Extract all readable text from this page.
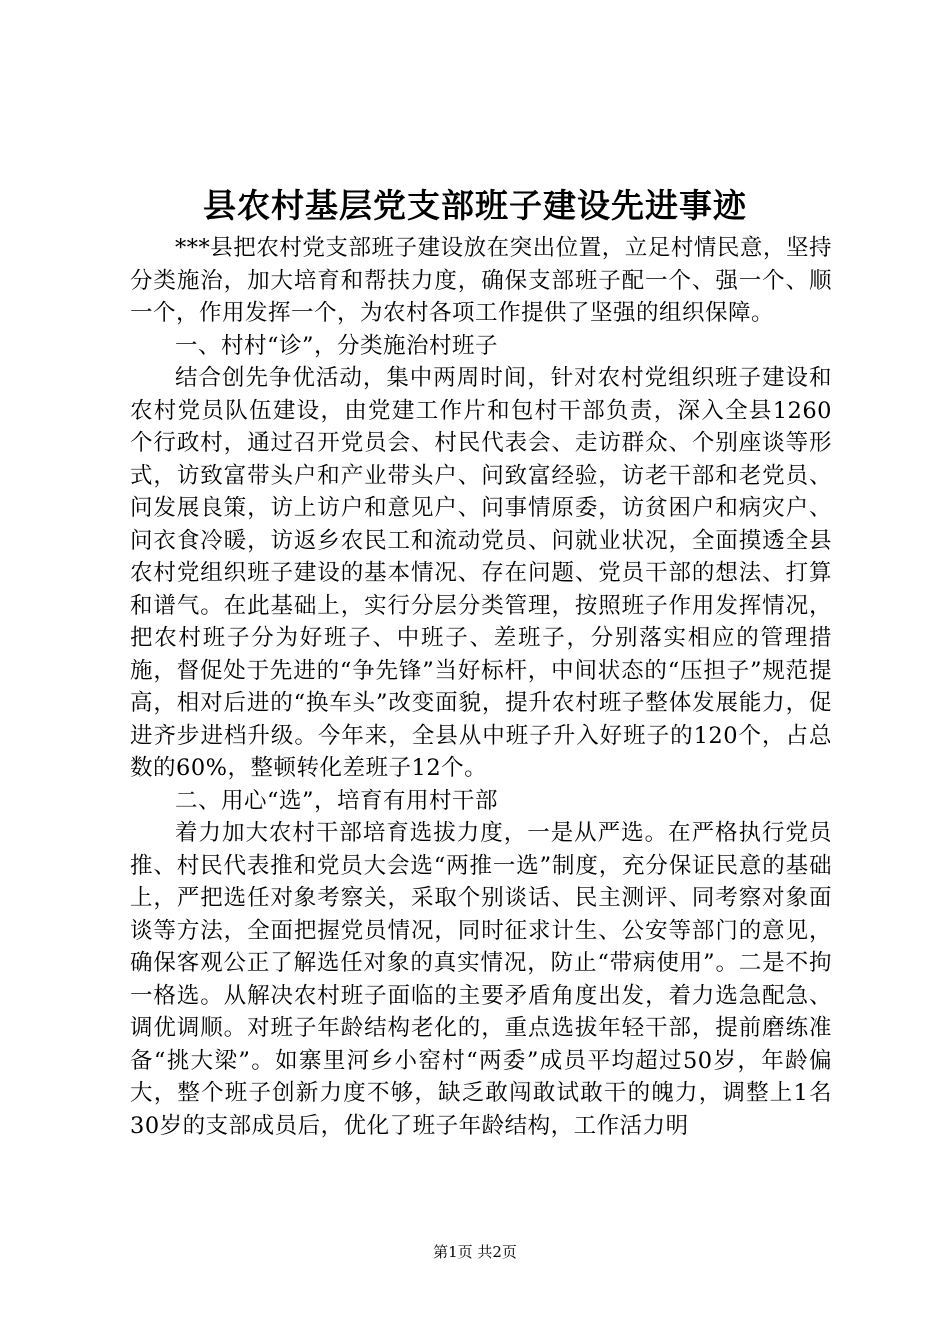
县农村基层党支部班子建设先进事迹

***县把农村党支部班子建设放在突出位置，立足村情民意，坚持分类施治，加大培育和帮扶力度，确保支部班子配一个、强一个、顺一个，作用发挥一个，为农村各项工作提供了坚强的组织保障。

一、村村“诊”，分类施治村班子

结合创先争优活动，集中两周时间，针对农村党组织班子建设和农村党员队伍建设，由党建工作片和包村干部负责，深入全县1260个行政村，通过召开党员会、村民代表会、走访群众、个别座谈等形式，访致富带头户和产业带头户、问致富经验，访老干部和老党员、问发展良策，访上访户和意见户、问事情原委，访贫困户和病灾户、问衣食冷暖，访返乡农民工和流动党员、问就业状况，全面摸透全县农村党组织班子建设的基本情况、存在问题、党员干部的想法、打算和谱气。在此基础上，实行分层分类管理，按照班子作用发挥情况，把农村班子分为好班子、中班子、差班子，分别落实相应的管理措施，督促处于先进的“争先锋”当好标杆，中间状态的“压担子”规范提高，相对后进的“换车头”改变面貌，提升农村班子整体发展能力，促进齐步进档升级。今年来，全县从中班子升入好班子的120个，占总数的60%，整顿转化差班子12个。

二、用心“选”，培育有用村干部

着力加大农村干部培育选拔力度，一是从严选。在严格执行党员推、村民代表推和党员大会选“两推一选”制度，充分保证民意的基础上，严把选任对象考察关，采取个别谈话、民主测评、同考察对象面谈等方法，全面把握党员情况，同时征求计生、公安等部门的意见，确保客观公正了解选任对象的真实情况，防止“带病使用”。二是不拘一格选。从解决农村班子面临的主要矛盾角度出发，着力选急配急、调优调顺。对班子年龄结构老化的，重点选拔年轻干部，提前磨练准备“挑大梁”。如寨里河乡小窑村“两委”成员平均超过50岁，年龄偏大，整个班子创新力度不够，缺乏敢闯敢试敢干的魄力，调整上1名30岁的支部成员后，优化了班子年龄结构，工作活力明

第1页 共2页
